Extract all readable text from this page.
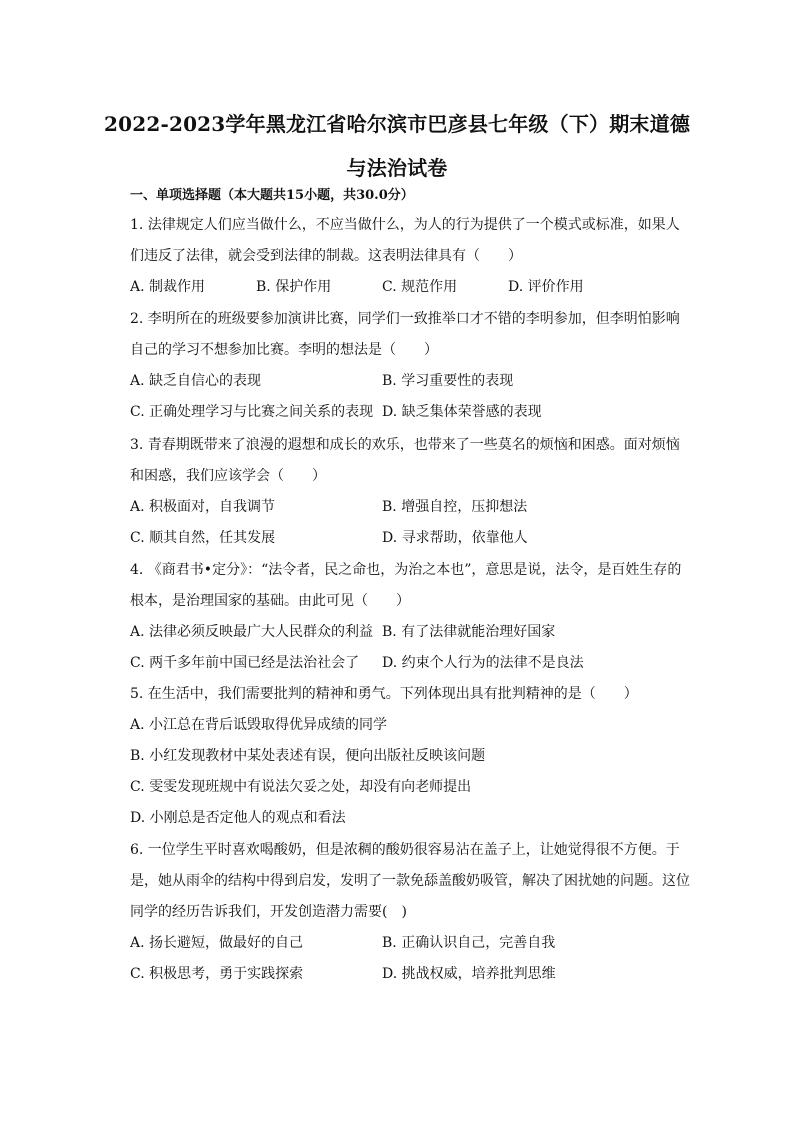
2022-2023学年黑龙江省哈尔滨市巴彦县七年级（下）期末道德
与法治试卷
一、单项选择题（本大题共15小题，共30.0分）
1. 法律规定人们应当做什么，不应当做什么，为人的行为提供了一个模式或标准，如果人们违反了法律，就会受到法律的制裁。这表明法律具有（　　）
A. 制裁作用	B. 保护作用	C. 规范作用	D. 评价作用
2. 李明所在的班级要参加演讲比赛，同学们一致推举口才不错的李明参加，但李明怕影响自己的学习不想参加比赛。李明的想法是（　　）
A. 缺乏自信心的表现	B. 学习重要性的表现
C. 正确处理学习与比赛之间关系的表现 D. 缺乏集体荣誉感的表现
3. 青春期既带来了浪漫的遐想和成长的欢乐，也带来了一些莫名的烦恼和困惑。面对烦恼和困惑，我们应该学会（　　）
A. 积极面对，自我调节	B. 增强自控，压抑想法
C. 顺其自然，任其发展	D. 寻求帮助，依靠他人
4. 《商君书•定分》：“法令者，民之命也，为治之本也”，意思是说，法令，是百姓生存的根本，是治理国家的基础。由此可见（　　）
A. 法律必须反映最广大人民群众的利益 B. 有了法律就能治理好国家
C. 两千多年前中国已经是法治社会了	D. 约束个人行为的法律不是良法
5. 在生活中，我们需要批判的精神和勇气。下列体现出具有批判精神的是（　　）
A. 小江总在背后诋毁取得优异成绩的同学
B. 小红发现教材中某处表述有误，便向出版社反映该问题
C. 雯雯发现班规中有说法欠妥之处，却没有向老师提出
D. 小刚总是否定他人的观点和看法
6. 一位学生平时喜欢喝酸奶，但是浓稠的酸奶很容易沾在盖子上，让她觉得很不方便。于是，她从雨伞的结构中得到启发，发明了一款免舔盖酸奶吸管，解决了困扰她的问题。这位同学的经历告诉我们，开发创造潜力需要(　)
A. 扬长避短，做最好的自己	B. 正确认识自己，完善自我
C. 积极思考，勇于实践探索	D. 挑战权威，培养批判思维
